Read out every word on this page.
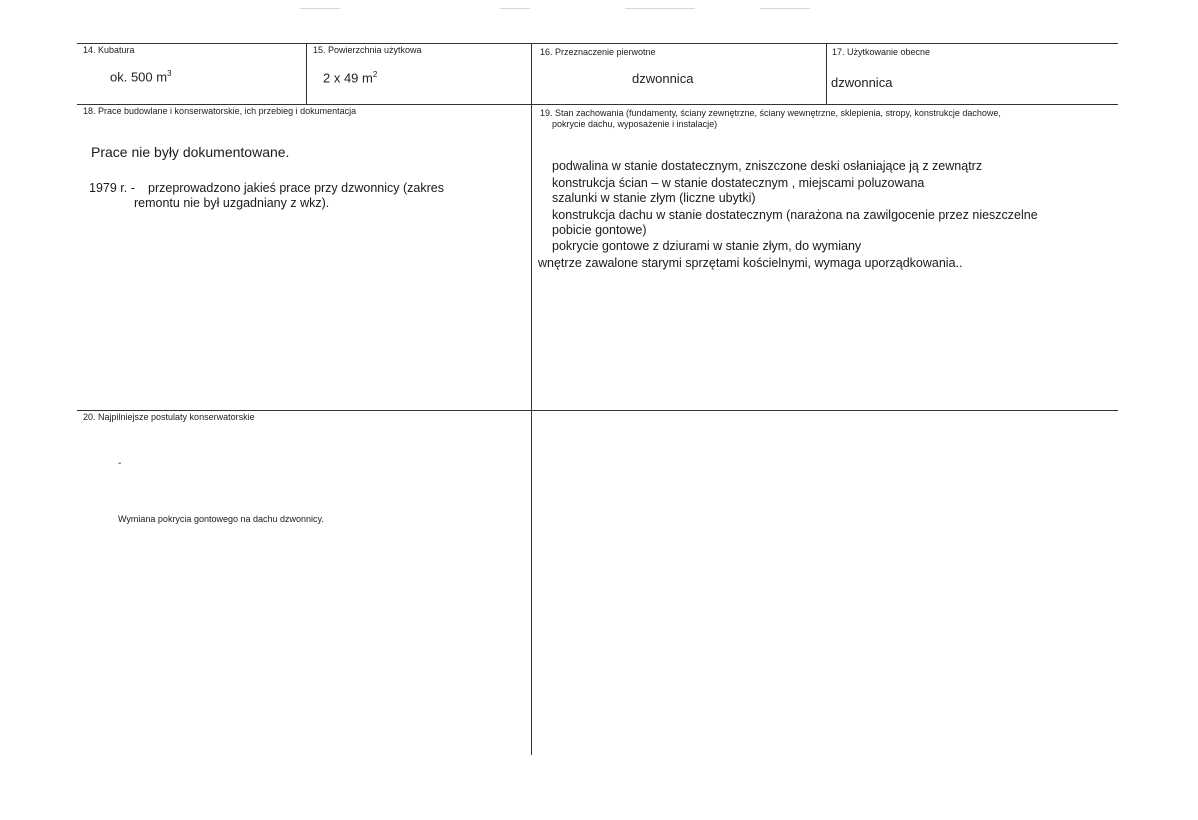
14. Kubatura
ok. 500 $m^3$
15. Powierzchnia użytkowa
2 x 49 $m^2$
16. Przeznaczenie pierwotne
dzwonnica
17. Użytkowanie obecne
dzwonnica
18. Prace budowlane i konserwatorskie, ich przebieg i dokumentacja
Prace nie były dokumentowane.
1979 r. - przeprowadzono jakieś prace przy dzwonnicy (zakres
remontu nie był uzgadniany z wkz).
19. Stan zachowania (fundamenty, ściany zewnętrzne, ściany wewnętrzne, sklepienia, stropy, konstrukcje dachowe,
pokrycie dachu, wyposażenie i instalacje)
podwalina w stanie dostatecznym, zniszczone deski osłaniające ją z zewnątrz
konstrukcja ścian – w stanie dostatecznym , miejscami poluzowana
szalunki w stanie złym (liczne ubytki)
konstrukcja dachu w stanie dostatecznym (narażona na zawilgocenie przez nieszczelne
pobicie gontowe)
pokrycie gontowe z dziurami w stanie złym, do wymiany
wnętrze zawalone starymi sprzętami kościelnymi, wymaga uporządkowania..
20. Najpilniejsze postulaty konserwatorskie
-
Wymiana pokrycia gontowego na dachu dzwonnicy.
